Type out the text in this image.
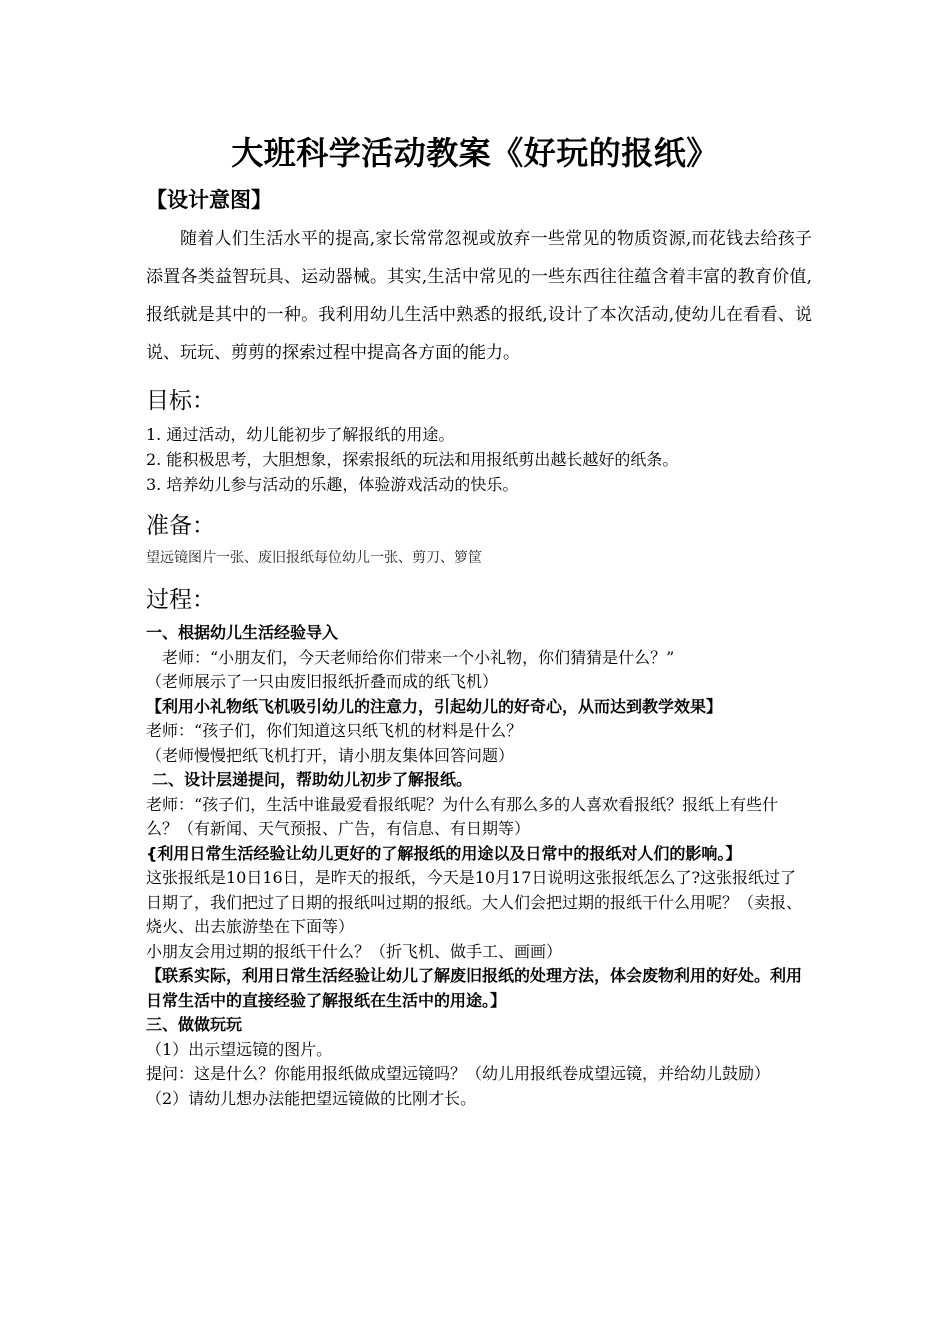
大班科学活动教案《好玩的报纸》
【设计意图】
随着人们生活水平的提高,家长常常忽视或放弃一些常见的物质资源,而花钱去给孩子添置各类益智玩具、运动器械。其实,生活中常见的一些东西往往蕴含着丰富的教育价值,报纸就是其中的一种。我利用幼儿生活中熟悉的报纸,设计了本次活动,使幼儿在看看、说说、玩玩、剪剪的探索过程中提高各方面的能力。
目标：
1. 通过活动，幼儿能初步了解报纸的用途。
2. 能积极思考，大胆想象，探索报纸的玩法和用报纸剪出越长越好的纸条。
3. 培养幼儿参与活动的乐趣，体验游戏活动的快乐。
准备：
望远镜图片一张、废旧报纸每位幼儿一张、剪刀、箩筐
过程：

一、根据幼儿生活经验导入

老师：“小朋友们，今天老师给你们带来一个小礼物，你们猜猜是什么？”

（老师展示了一只由废旧报纸折叠而成的纸飞机）

【利用小礼物纸飞机吸引幼儿的注意力，引起幼儿的好奇心，从而达到教学效果】

老师：“孩子们，你们知道这只纸飞机的材料是什么？

（老师慢慢把纸飞机打开，请小朋友集体回答问题）

二、设计层递提问，帮助幼儿初步了解报纸。

老师：“孩子们，生活中谁最爱看报纸呢？为什么有那么多的人喜欢看报纸？报纸上有些什么？（有新闻、天气预报、广告，有信息、有日期等）

{利用日常生活经验让幼儿更好的了解报纸的用途以及日常中的报纸对人们的影响。】

这张报纸是10日16日，是昨天的报纸，今天是10月17日说明这张报纸怎么了?这张报纸过了日期了，我们把过了日期的报纸叫过期的报纸。大人们会把过期的报纸干什么用呢？（卖报、烧火、出去旅游垫在下面等）

小朋友会用过期的报纸干什么？（折飞机、做手工、画画）

【联系实际，利用日常生活经验让幼儿了解废旧报纸的处理方法，体会废物利用的好处。利用日常生活中的直接经验了解报纸在生活中的用途。】

三、做做玩玩

（1）出示望远镜的图片。

提问：这是什么？你能用报纸做成望远镜吗？（幼儿用报纸卷成望远镜，并给幼儿鼓励）

（2）请幼儿想办法能把望远镜做的比刚才长。
